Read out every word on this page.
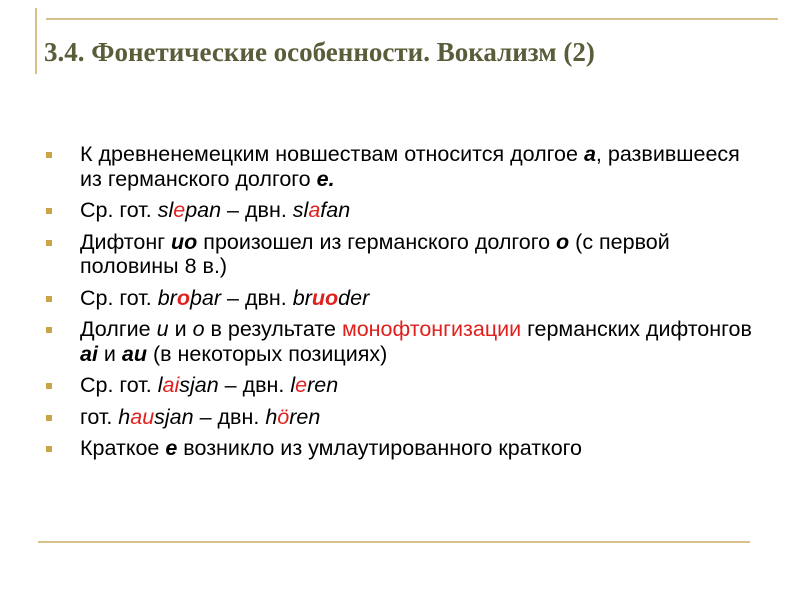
3.4. Фонетические особенности. Вокализм (2)
К древненемецким новшествам относится долгое a, развившееся из германского долгого e.
Ср. гот. slepan – двн. slafan
Дифтонг uo произошел из германского долгого o (с первой половины 8 в.)
Ср. гот. broþar – двн. bruoder
Долгие u и o в результате монофтонгизации германских дифтонгов ai и au (в некоторых позициях)
Ср. гот. laisjan – двн. leren
гот. hausjan – двн. hören
Краткое e возникло из умлаутированного краткого
